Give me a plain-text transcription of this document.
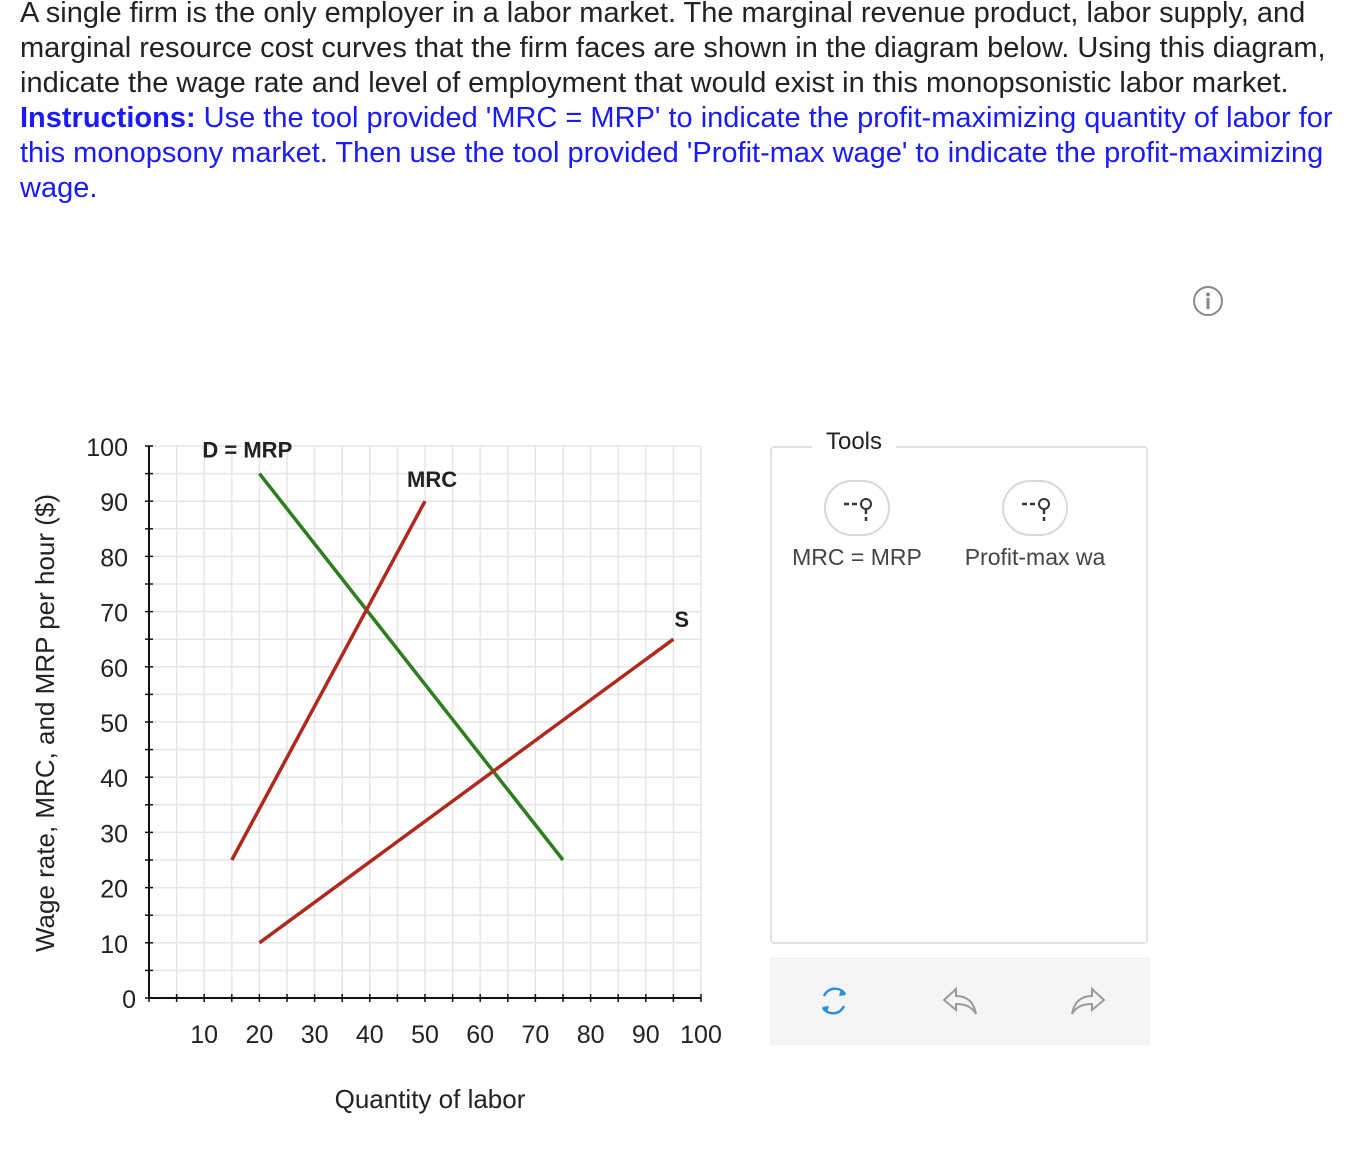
A single firm is the only employer in a labor market. The marginal revenue product, labor supply, and marginal resource cost curves that the firm faces are shown in the diagram below. Using this diagram, indicate the wage rate and level of employment that would exist in this monopsonistic labor market.

Instructions: Use the tool provided 'MRC = MRP' to indicate the profit-maximizing quantity of labor for this monopsony market. Then use the tool provided 'Profit-max wage' to indicate the profit-maximizing wage.

0
10
20
30
40
50
60
70
80
90
100
10 20 30 40 50 60 70 80 90 100
D = MRP
MRC
S
Quantity of labor
Wage rate, MRC, and MRP per hour ($)
Tools
MRC = MRP	Profit-max wa
